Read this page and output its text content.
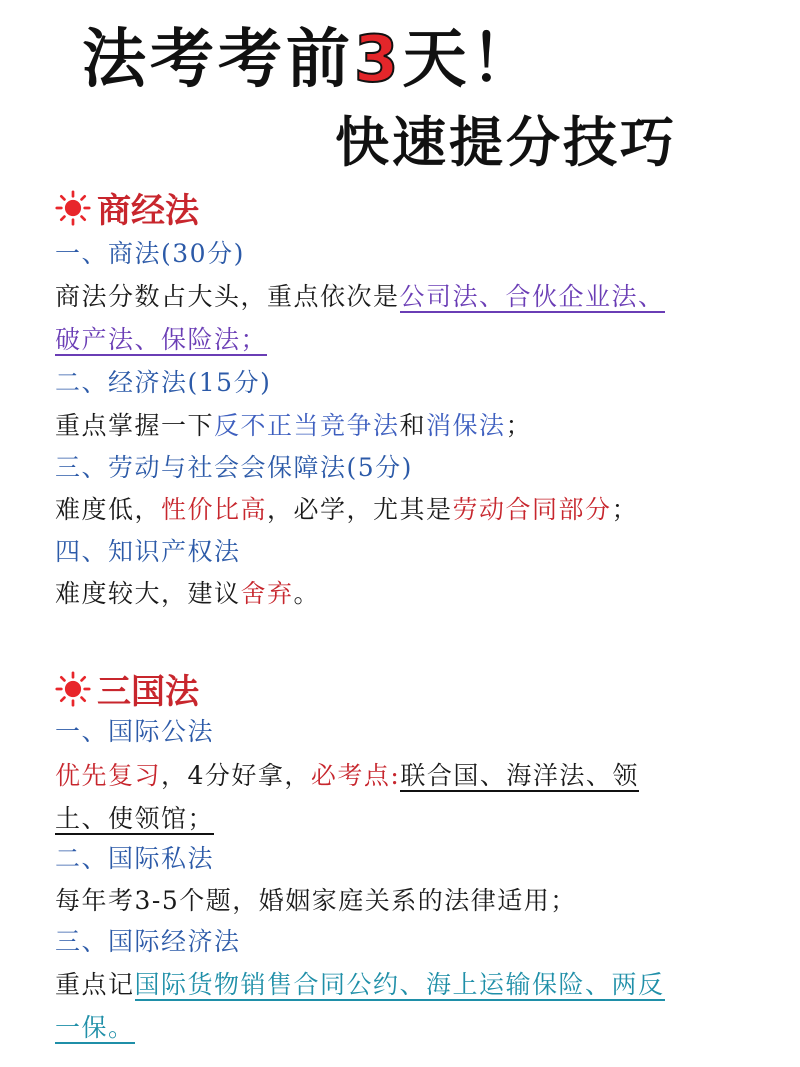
法考考前3天！
快速提分技巧
商经法
一、商法(30分)
商法分数占大头，重点依次是公司法、合伙企业法、
破产法、保险法；
二、经济法(15分)
重点掌握一下反不正当竞争法和消保法；
三、劳动与社会会保障法(5分)
难度低，性价比高，必学，尤其是劳动合同部分；
四、知识产权法
难度较大，建议舍弃。
三国法
一、国际公法
优先复习，4分好拿，必考点:联合国、海洋法、领
土、使领馆；
二、国际私法
每年考3-5个题，婚姻家庭关系的法律适用；
三、国际经济法
重点记国际货物销售合同公约、海上运输保险、两反
一保。
